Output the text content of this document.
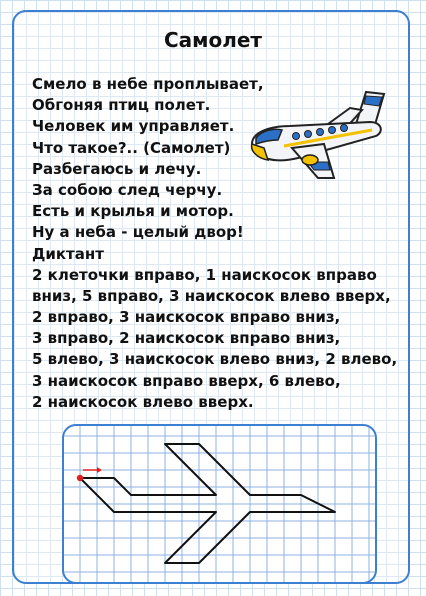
Самолет
Смело в небе проплывает,
Обгоняя птиц полет.
Человек им управляет.
Что такое?.. (Самолет)
Разбегаюсь и лечу.
За собою след черчу.
Есть и крылья и мотор.
Ну а неба - целый двор!
Диктант
2 клеточки вправо, 1 наискосок вправо
вниз, 5 вправо, 3 наискосок влево вверх,
2 вправо, 3 наискосок вправо вниз,
3 вправо, 2 наискосок вправо вниз,
5 влево, 3 наискосок влево вниз, 2 влево,
3 наискосок вправо вверх, 6 влево,
2 наискосок влево вверх.
